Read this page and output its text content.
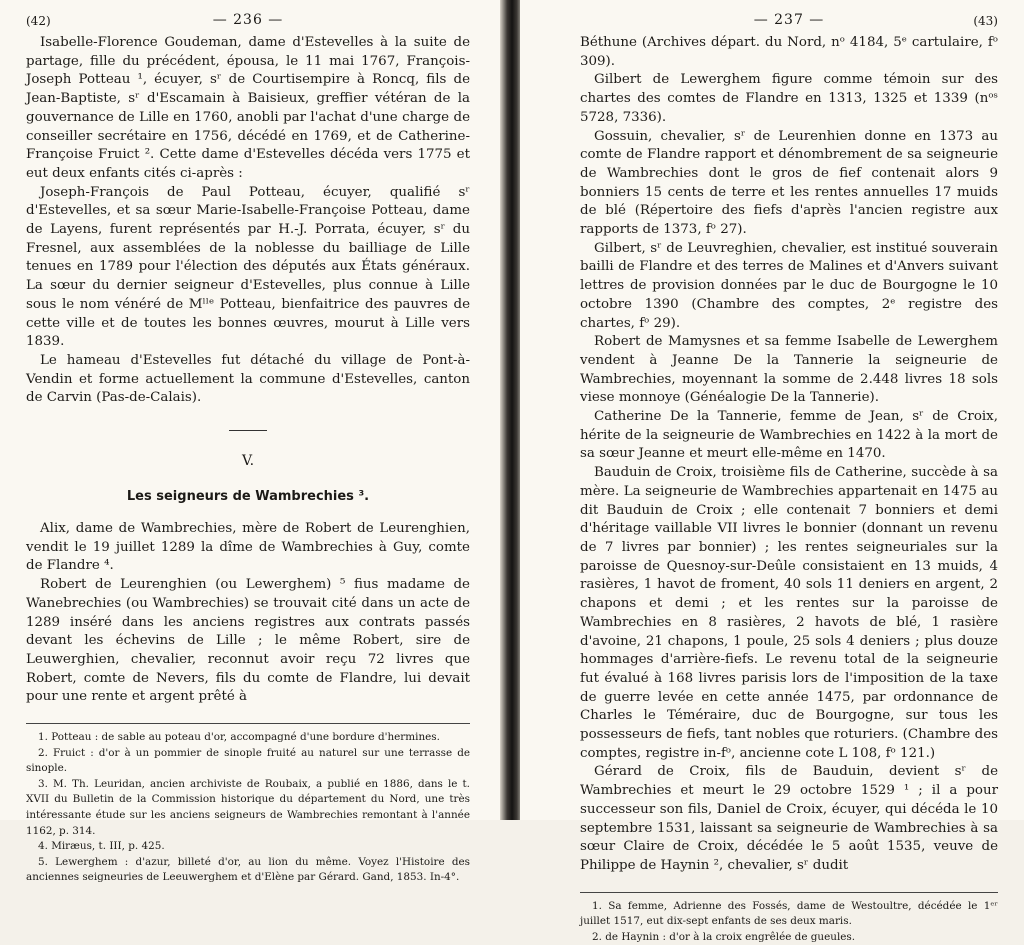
(42)	— 236 —

Isabelle-Florence Goudeman, dame d'Estevelles à la suite de partage, fille du précédent, épousa, le 11 mai 1767, François-Joseph Potteau ¹, écuyer, sʳ de Courtisempire à Roncq, fils de Jean-Baptiste, sʳ d'Escamain à Baisieux, greffier vétéran de la gouvernance de Lille en 1760, anobli par l'achat d'une charge de conseiller secrétaire en 1756, décédé en 1769, et de Catherine-Françoise Fruict ². Cette dame d'Estevelles décéda vers 1775 et eut deux enfants cités ci-après :

Joseph-François de Paul Potteau, écuyer, qualifié sʳ d'Estevelles, et sa sœur Marie-Isabelle-Françoise Potteau, dame de Layens, furent représentés par H.-J. Porrata, écuyer, sʳ du Fresnel, aux assemblées de la noblesse du bailliage de Lille tenues en 1789 pour l'élection des députés aux États généraux. La sœur du dernier seigneur d'Estevelles, plus connue à Lille sous le nom vénéré de Mˡˡᵉ Potteau, bienfaitrice des pauvres de cette ville et de toutes les bonnes œuvres, mourut à Lille vers 1839.

Le hameau d'Estevelles fut détaché du village de Pont-à-Vendin et forme actuellement la commune d'Estevelles, canton de Carvin (Pas-de-Calais).

V.
Les seigneurs de Wambrechies ³.

Alix, dame de Wambrechies, mère de Robert de Leurenghien, vendit le 19 juillet 1289 la dîme de Wambrechies à Guy, comte de Flandre ⁴.

Robert de Leurenghien (ou Lewerghem) ⁵ fius madame de Wanebrechies (ou Wambrechies) se trouvait cité dans un acte de 1289 inséré dans les anciens registres aux contrats passés devant les échevins de Lille ; le même Robert, sire de Leuwerghien, chevalier, reconnut avoir reçu 72 livres que Robert, comte de Nevers, fils du comte de Flandre, lui devait pour une rente et argent prêté à

1. Potteau : de sable au poteau d'or, accompagné d'une bordure d'hermines.

2. Fruict : d'or à un pommier de sinople fruité au naturel sur une terrasse de sinople.

3. M. Th. Leuridan, ancien archiviste de Roubaix, a publié en 1886, dans le t. XVII du Bulletin de la Commission historique du département du Nord, une très intéressante étude sur les anciens seigneurs de Wambrechies remontant à l'année 1162, p. 314.

4. Miræus, t. III, p. 425.

5. Lewerghem : d'azur, billeté d'or, au lion du même. Voyez l'Histoire des anciennes seigneuries de Leeuwerghem et d'Elène par Gérard. Gand, 1853. In-4°.

— 237 —	(43)

Béthune (Archives départ. du Nord, nᵒ 4184, 5ᵉ cartulaire, fᵒ 309).

Gilbert de Lewerghem figure comme témoin sur des chartes des comtes de Flandre en 1313, 1325 et 1339 (nᵒˢ 5728, 7336).

Gossuin, chevalier, sʳ de Leurenhien donne en 1373 au comte de Flandre rapport et dénombrement de sa seigneurie de Wambrechies dont le gros de fief contenait alors 9 bonniers 15 cents de terre et les rentes annuelles 17 muids de blé (Répertoire des fiefs d'après l'ancien registre aux rapports de 1373, fᵒ 27).

Gilbert, sʳ de Leuvreghien, chevalier, est institué souverain bailli de Flandre et des terres de Malines et d'Anvers suivant lettres de provision données par le duc de Bourgogne le 10 octobre 1390 (Chambre des comptes, 2ᵉ registre des chartes, fᵒ 29).

Robert de Mamysnes et sa femme Isabelle de Lewerghem vendent à Jeanne De la Tannerie la seigneurie de Wambrechies, moyennant la somme de 2.448 livres 18 sols viese monnoye (Généalogie De la Tannerie).

Catherine De la Tannerie, femme de Jean, sʳ de Croix, hérite de la seigneurie de Wambrechies en 1422 à la mort de sa sœur Jeanne et meurt elle-même en 1470.

Bauduin de Croix, troisième fils de Catherine, succède à sa mère. La seigneurie de Wambrechies appartenait en 1475 au dit Bauduin de Croix ; elle contenait 7 bonniers et demi d'héritage vaillable VII livres le bonnier (donnant un revenu de 7 livres par bonnier) ; les rentes seigneuriales sur la paroisse de Quesnoy-sur-Deûle consistaient en 13 muids, 4 rasières, 1 havot de froment, 40 sols 11 deniers en argent, 2 chapons et demi ; et les rentes sur la paroisse de Wambrechies en 8 rasières, 2 havots de blé, 1 rasière d'avoine, 21 chapons, 1 poule, 25 sols 4 deniers ; plus douze hommages d'arrière-fiefs. Le revenu total de la seigneurie fut évalué à 168 livres parisis lors de l'imposition de la taxe de guerre levée en cette année 1475, par ordonnance de Charles le Téméraire, duc de Bourgogne, sur tous les possesseurs de fiefs, tant nobles que roturiers. (Chambre des comptes, registre in-fᵒ, ancienne cote L 108, fᵒ 121.)

Gérard de Croix, fils de Bauduin, devient sʳ de Wambrechies et meurt le 29 octobre 1529 ¹ ; il a pour successeur son fils, Daniel de Croix, écuyer, qui décéda le 10 septembre 1531, laissant sa seigneurie de Wambrechies à sa sœur Claire de Croix, décédée le 5 août 1535, veuve de Philippe de Haynin ², chevalier, sʳ dudit

1. Sa femme, Adrienne des Fossés, dame de Westoultre, décédée le 1ᵉʳ juillet 1517, eut dix-sept enfants de ses deux maris.

2. de Haynin : d'or à la croix engrêlée de gueules.
